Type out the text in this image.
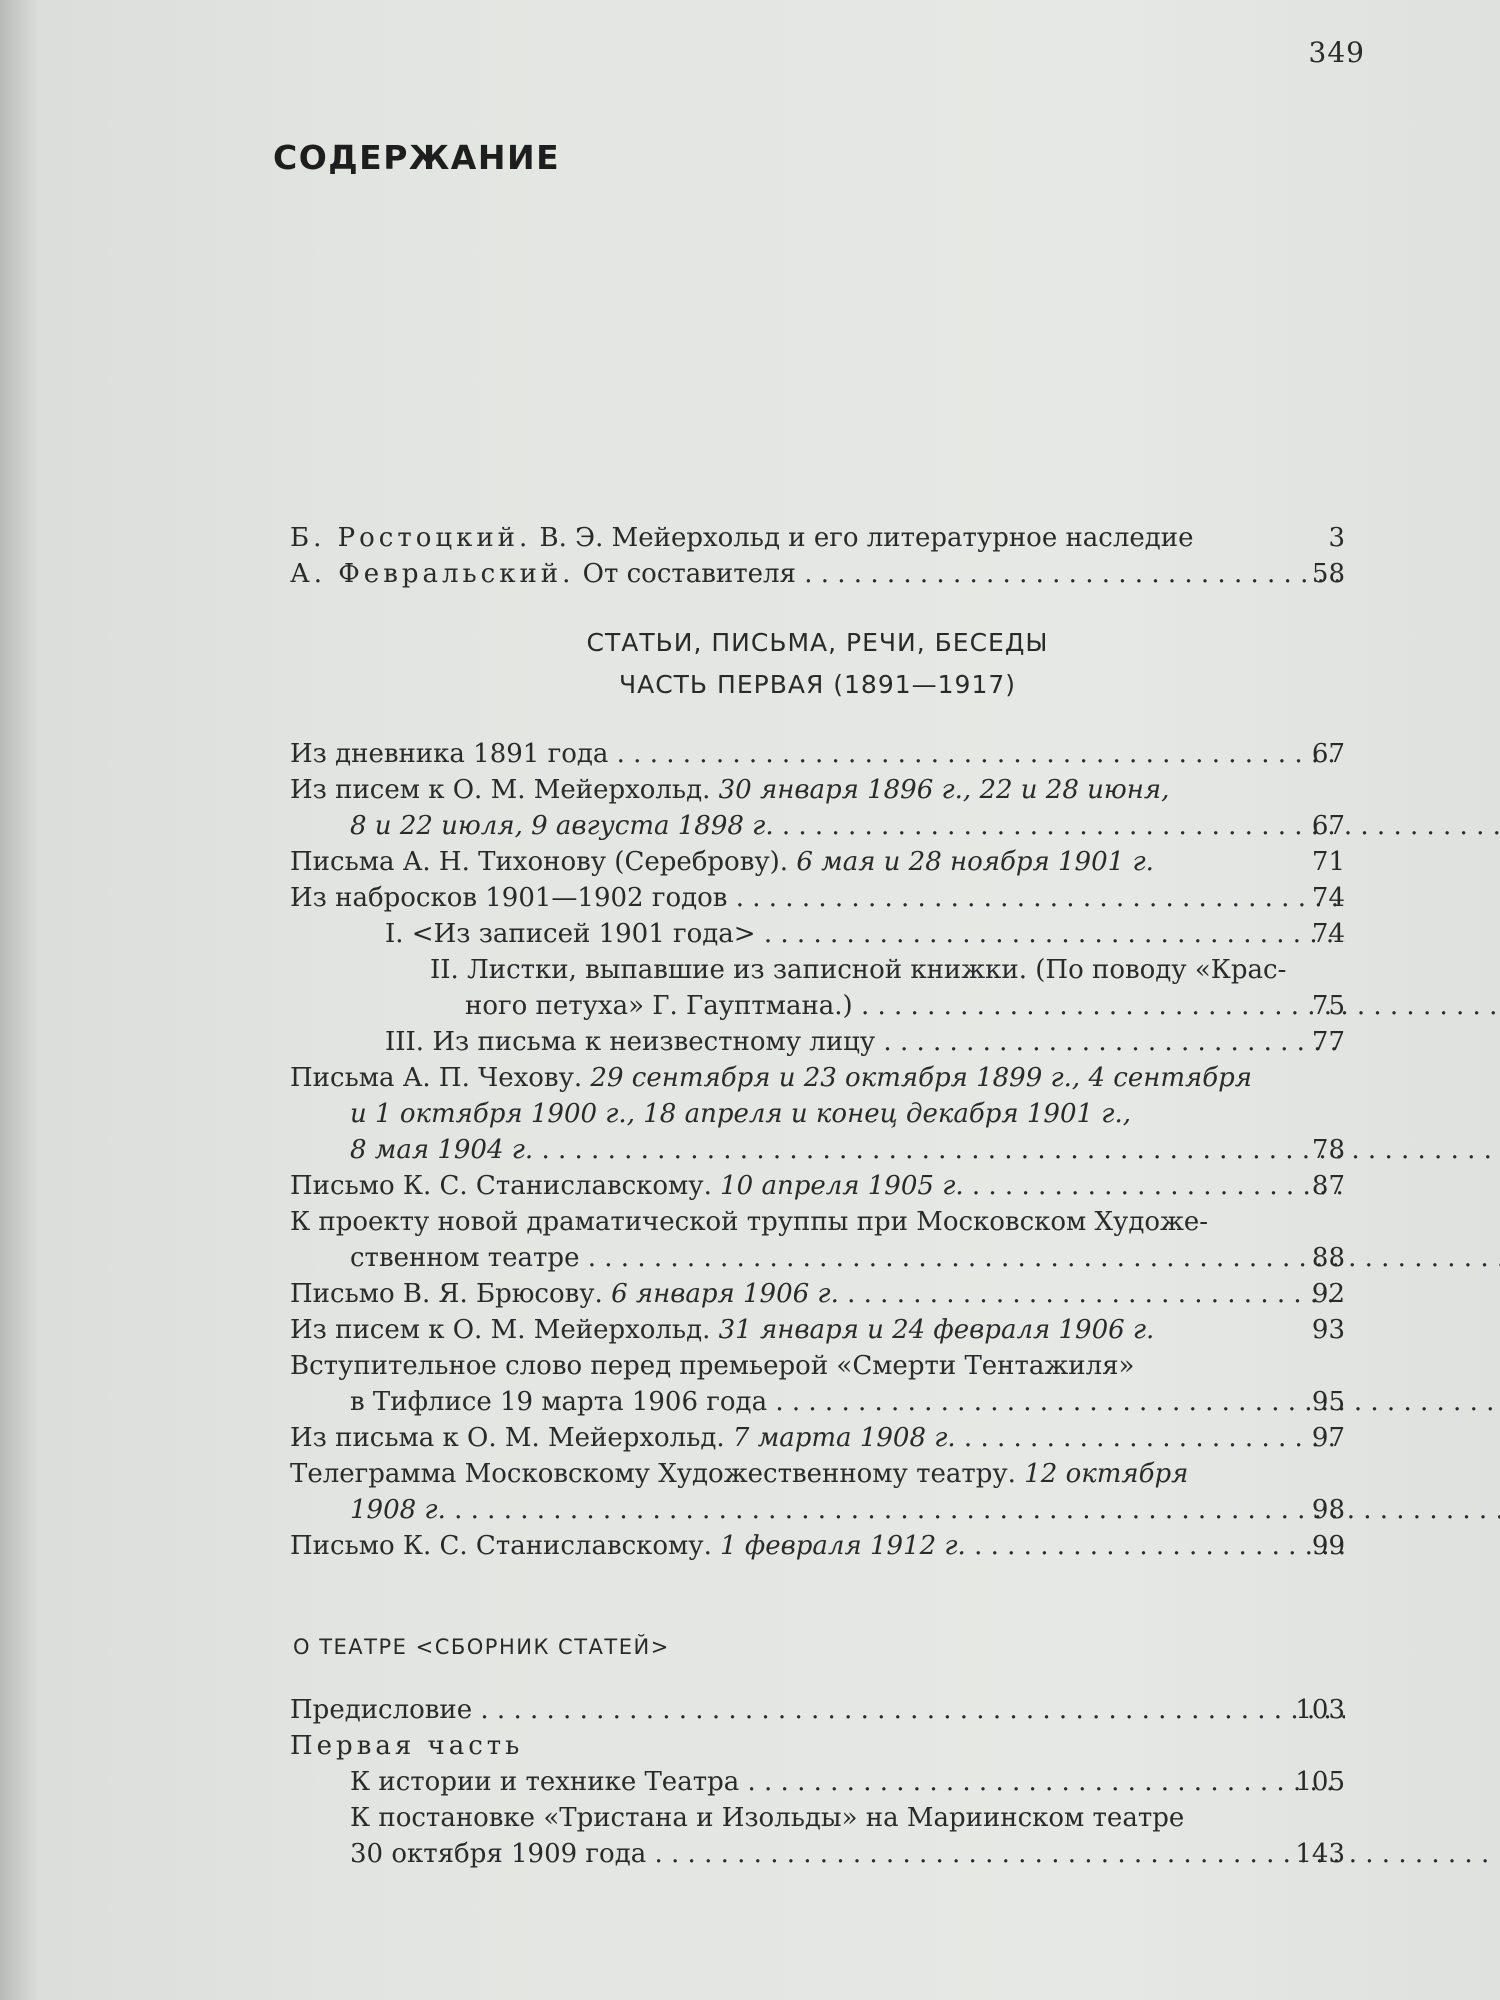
349
СОДЕРЖАНИЕ
Б. Ростоцкий. В. Э. Мейерхольд и его литературное наследие	3
А. Февральский. От составителя . . .	58
СТАТЬИ, ПИСЬМА, РЕЧИ, БЕСЕДЫ
ЧАСТЬ ПЕРВАЯ (1891—1917)
Из дневника 1891 года . . .	67
Из писем к О. М. Мейерхольд. 30 января 1896 г., 22 и 28 июня,
8 и 22 июля, 9 августа 1898 г. . . .	67
Письма А. Н. Тихонову (Сереброву). 6 мая и 28 ноября 1901 г.	71
Из набросков 1901—1902 годов . . .	74
I. <Из записей 1901 года> . . .	74
II. Листки, выпавшие из записной книжки. (По поводу «Крас-
ного петуха» Г. Гауптмана.) . . .	75
III. Из письма к неизвестному лицу . . .	77
Письма А. П. Чехову. 29 сентября и 23 октября 1899 г., 4 сентября
и 1 октября 1900 г., 18 апреля и конец декабря 1901 г.,
8 мая 1904 г. . . .	78
Письмо К. С. Станиславскому. 10 апреля 1905 г. . . .	87
К проекту новой драматической труппы при Московском Художе-
ственном театре . . .	88
Письмо В. Я. Брюсову. 6 января 1906 г. . . .	92
Из писем к О. М. Мейерхольд. 31 января и 24 февраля 1906 г.	93
Вступительное слово перед премьерой «Смерти Тентажиля»
в Тифлисе 19 марта 1906 года . . .	95
Из письма к О. М. Мейерхольд. 7 марта 1908 г. . . .	97
Телеграмма Московскому Художественному театру. 12 октября
1908 г. . . .	98
Письмо К. С. Станиславскому. 1 февраля 1912 г. . . .	99
О ТЕАТРЕ <СБОРНИК СТАТЕЙ>
Предисловие . . .	103
Первая часть
К истории и технике Театра . . .	105
К постановке «Тристана и Изольды» на Мариинском театре
30 октября 1909 года . . .	143
